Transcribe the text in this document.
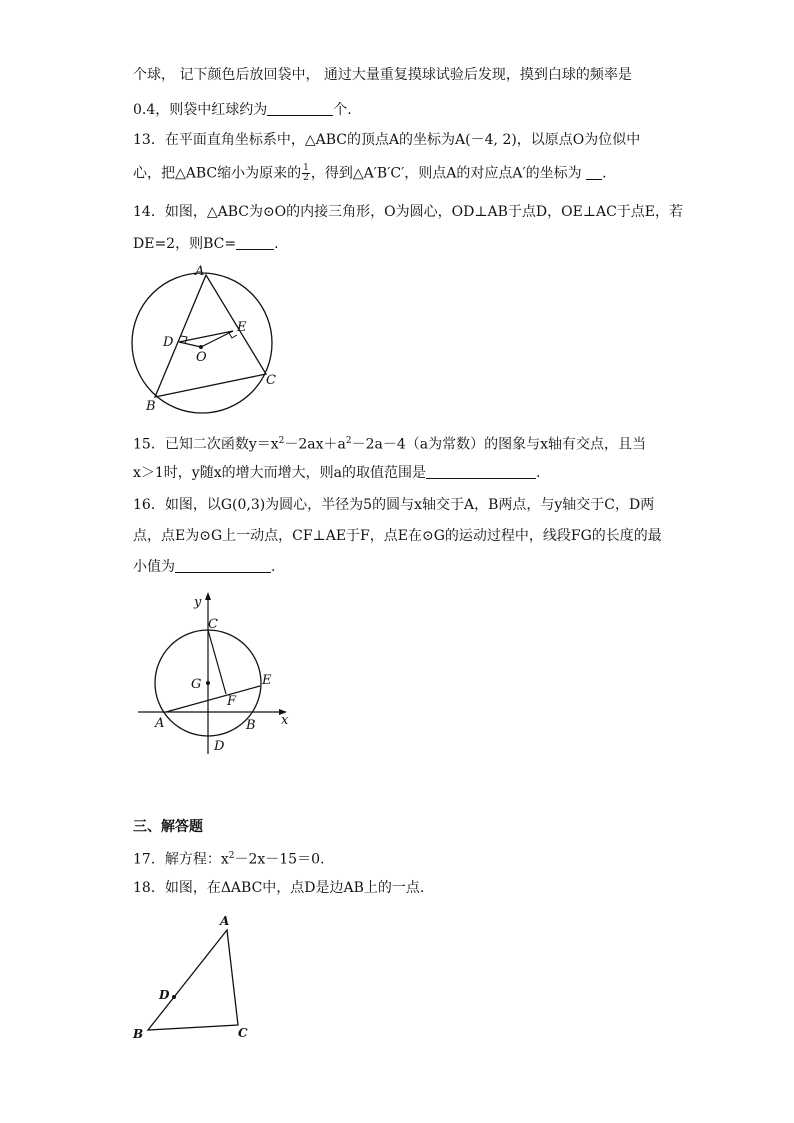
个球， 记下颜色后放回袋中， 通过大量重复摸球试验后发现，摸到白球的频率是
0.4，则袋中红球约为	个.
13．在平面直角坐标系中，△ABC的顶点A的坐标为A(－4, 2)，以原点O为位似中
心，把△ABC缩小为原来的 $\frac{1}{2}$ ，得到△A′B′C′，则点A的对应点A′的坐标为 .
14．如图，△ABC为⊙O的内接三角形，O为圆心，OD⊥AB于点D，OE⊥AC于点E，若
DE=2，则BC=	.
A
B
C
D
E
O
15．已知二次函数$y=x^2-2ax+a^2-2a-4(a$为常数）的图象与x轴有交点，且当
x＞1时，y随x的增大而增大，则a的取值范围是	.
16．如图，以G(0,3)为圆心，半径为5的圆与x轴交于A，B两点，与y轴交于C，D两
点，点E为⊙G上一动点，CF⊥AE于F，点E在⊙G的运动过程中，线段FG的长度的最
小值为	.
y
x
C
G	E
F
A	B
D
三、解答题
17．解方程：$x^2-2x-15=0$.
18．如图，在ΔABC中，点D是边AB上的一点.
A
B	C
D
